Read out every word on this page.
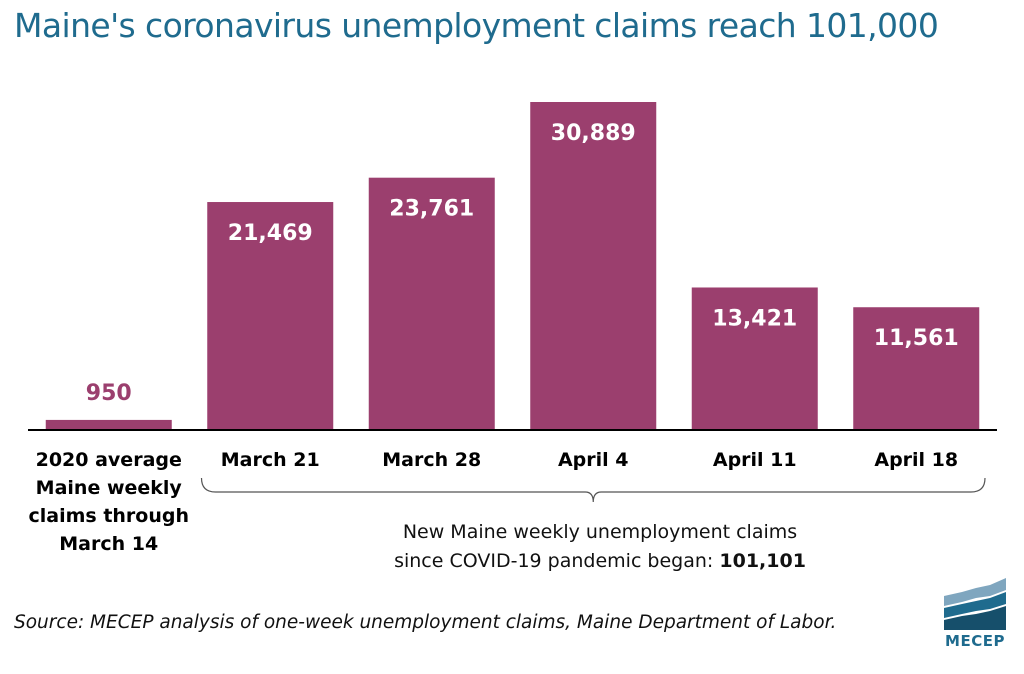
Maine's coronavirus unemployment claims reach 101,000
950
2020 average
Maine weekly
claims through
March 14
21,469
March 21
23,761
March 28
30,889
April 4
13,421
April 11
11,561
April 18
New Maine weekly unemployment claims
since COVID-19 pandemic began: 101,101
Source: MECEP analysis of one-week unemployment claims, Maine Department of Labor.
MECEP
